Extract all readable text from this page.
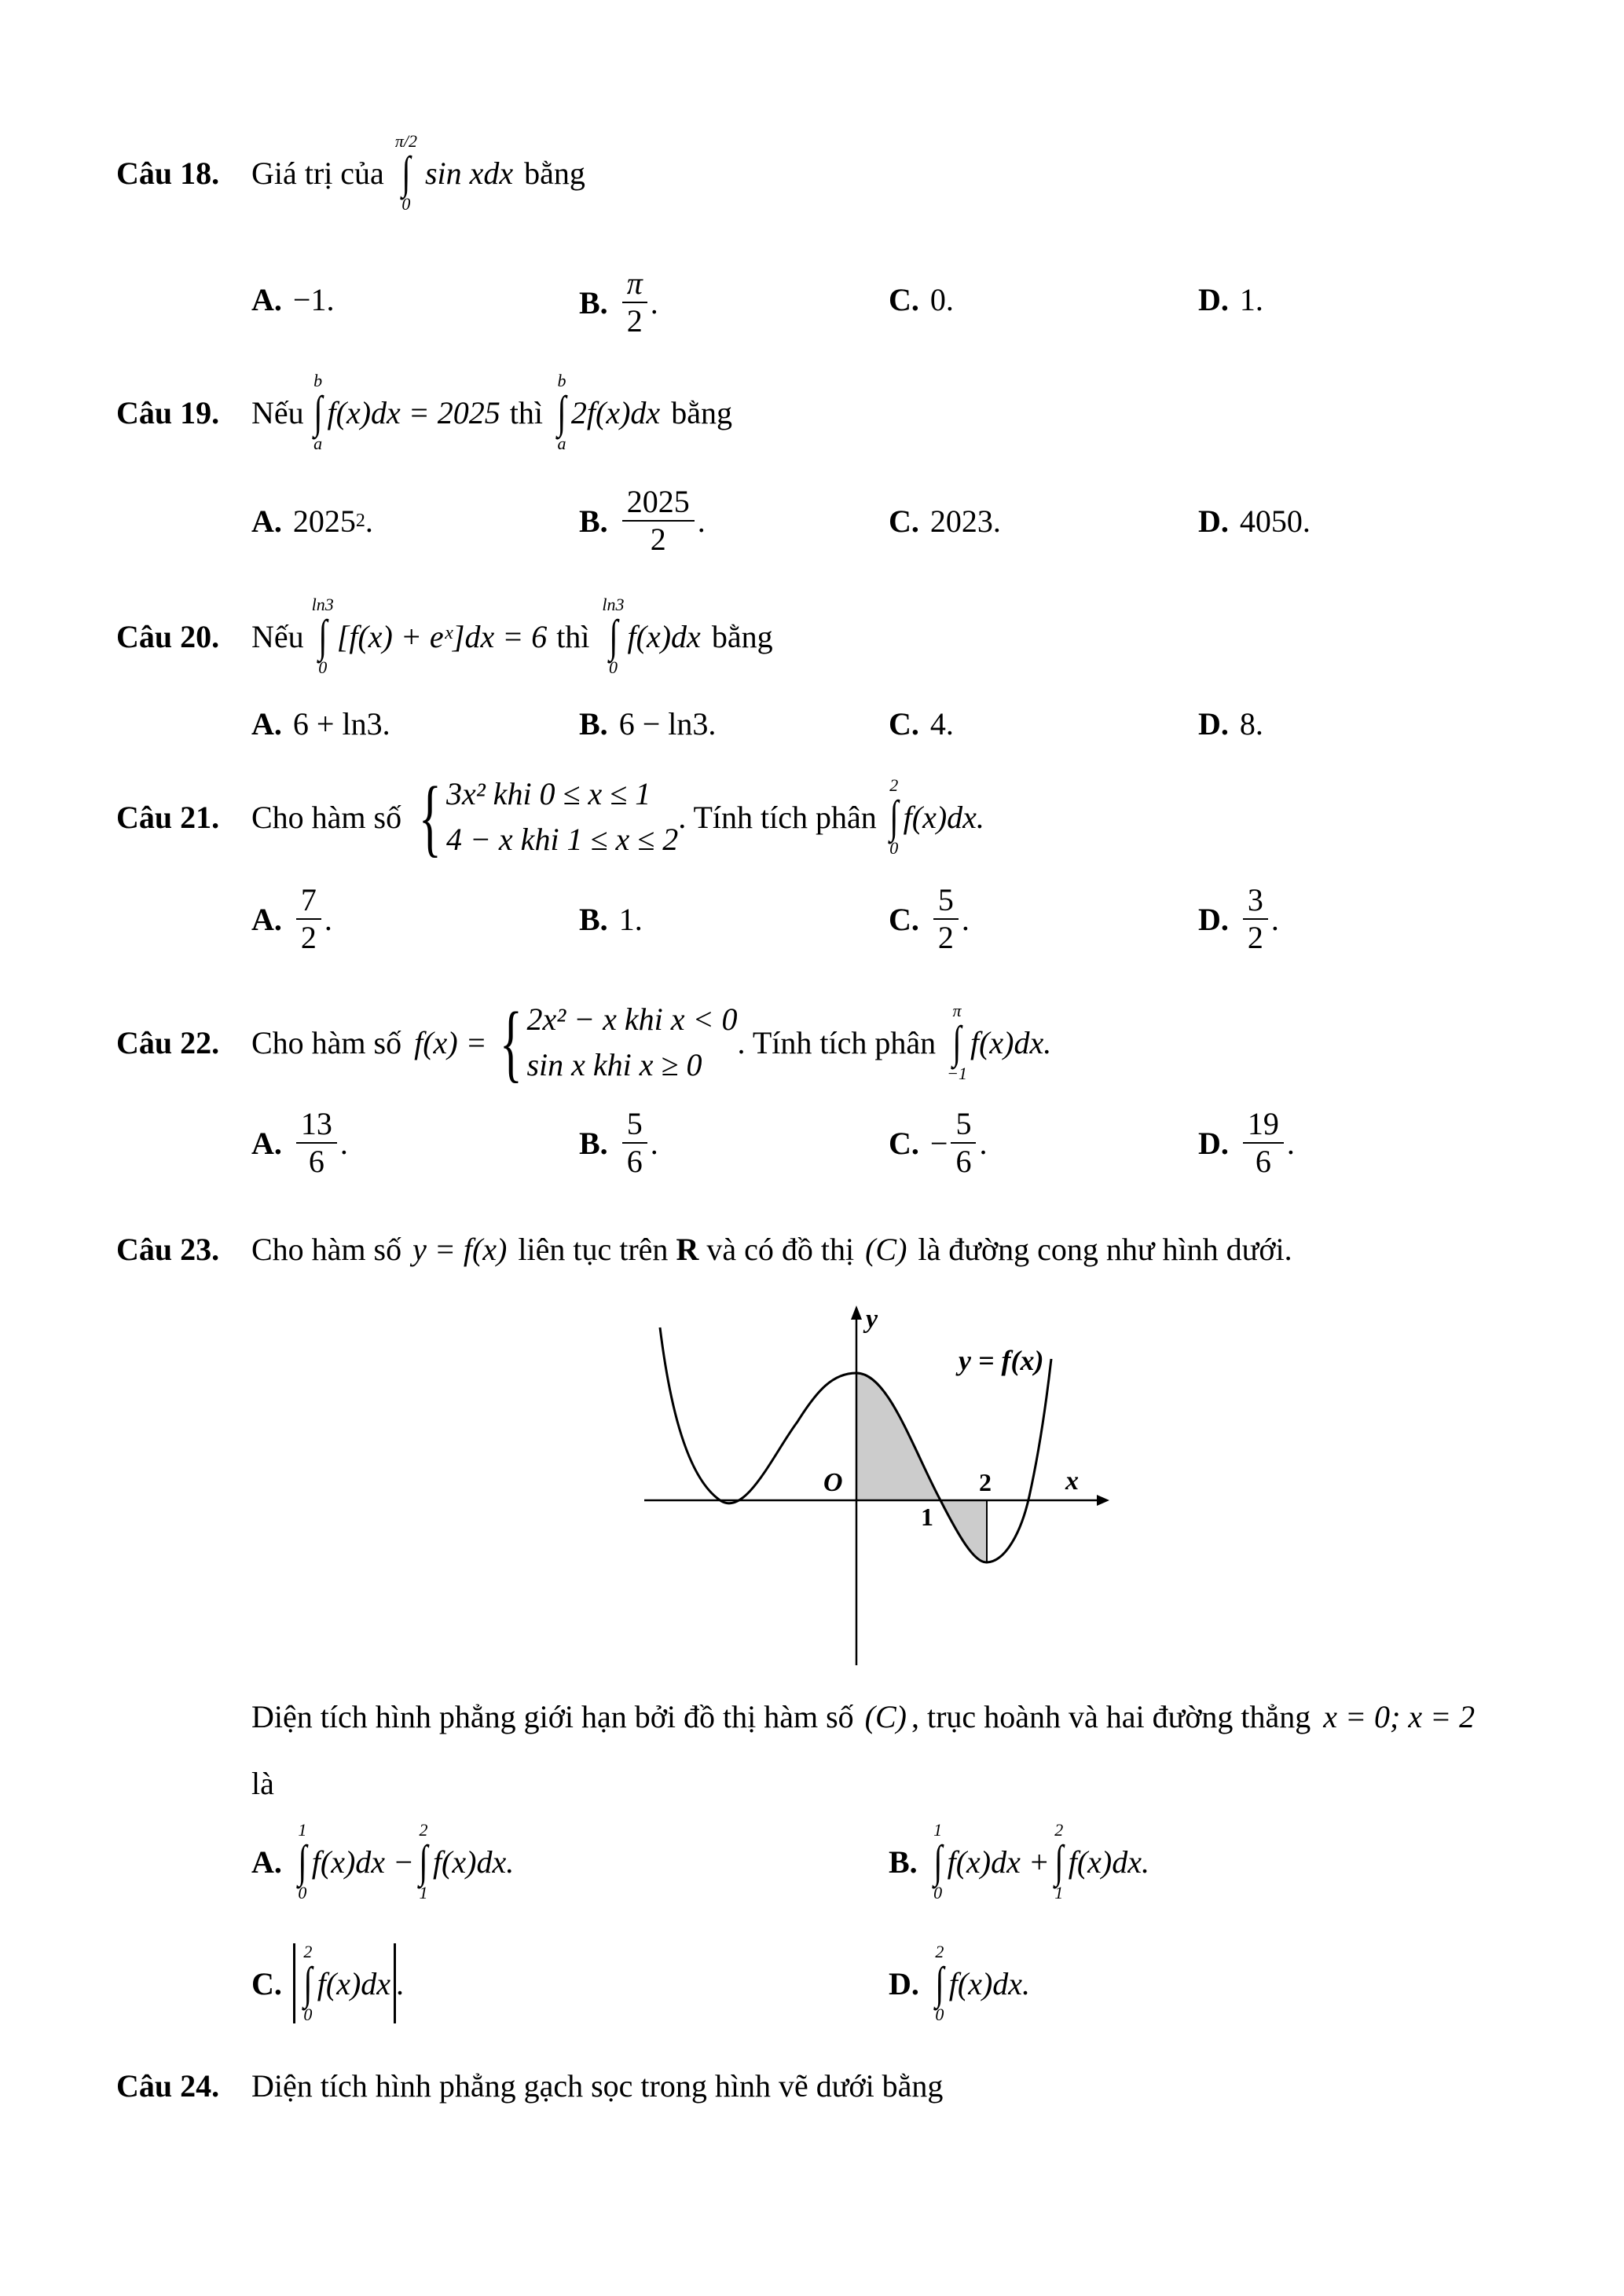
Câu 18.	Giá trị của
π/2
∫
0
sin xdx bằng
A. −1.	B. $\frac{\pi}{2}$ .	C. 0.	D. 1.
Câu 19.	Nếu
b
∫
a
f(x)dx = 2025 thì
b
∫
a
2f(x)dx bằng
A. 2025 2 .	B. $\frac{2025}{2}$ .	C. 2023.	D. 4050.
Câu 20.	Nếu
ln3
∫
0
[f(x) + eˣ]dx = 6 thì
ln3
∫
0
f(x)dx bằng
A. 6 + ln3.	B. 6 − ln3.	C. 4.	D. 8.
Câu 21.	Cho hàm số { 3x² khi 0 ≤ x ≤ 1
4 − x khi 1 ≤ x ≤ 2
. Tính tích phân
2
∫
0
f(x)dx.
A. $\frac{7}{2}$ .	B. 1.	C. $\frac{5}{2}$ .	D. $\frac{3}{2}$ .
Câu 22.	Cho hàm số f(x) = { 2x² − x khi x < 0
sin x khi x ≥ 0
. Tính tích phân
π
∫
−1
f(x)dx.
A. $\frac{13}{6}$ .	B. $\frac{5}{6}$ .	C. − $\frac{5}{6}$ .	D. $\frac{19}{6}$ .
Câu 23.	Cho hàm số y = f(x) liên tục trên R và có đồ thị (C) là đường cong như hình dưới.
y
x
O
y = f(x)
1
2
Diện tích hình phẳng giới hạn bởi đồ thị hàm số (C) , trục hoành và hai đường thẳng x = 0; x = 2
là
A.
1
∫
0
f(x)dx −
2
∫
1
f(x)dx.	B.
1
∫
0
f(x)dx +
2
∫
1
f(x)dx.
C.
2
∫
0
f(x)dx .	D.
2
∫
0
f(x)dx.
Câu 24.	Diện tích hình phẳng gạch sọc trong hình vẽ dưới bằng
